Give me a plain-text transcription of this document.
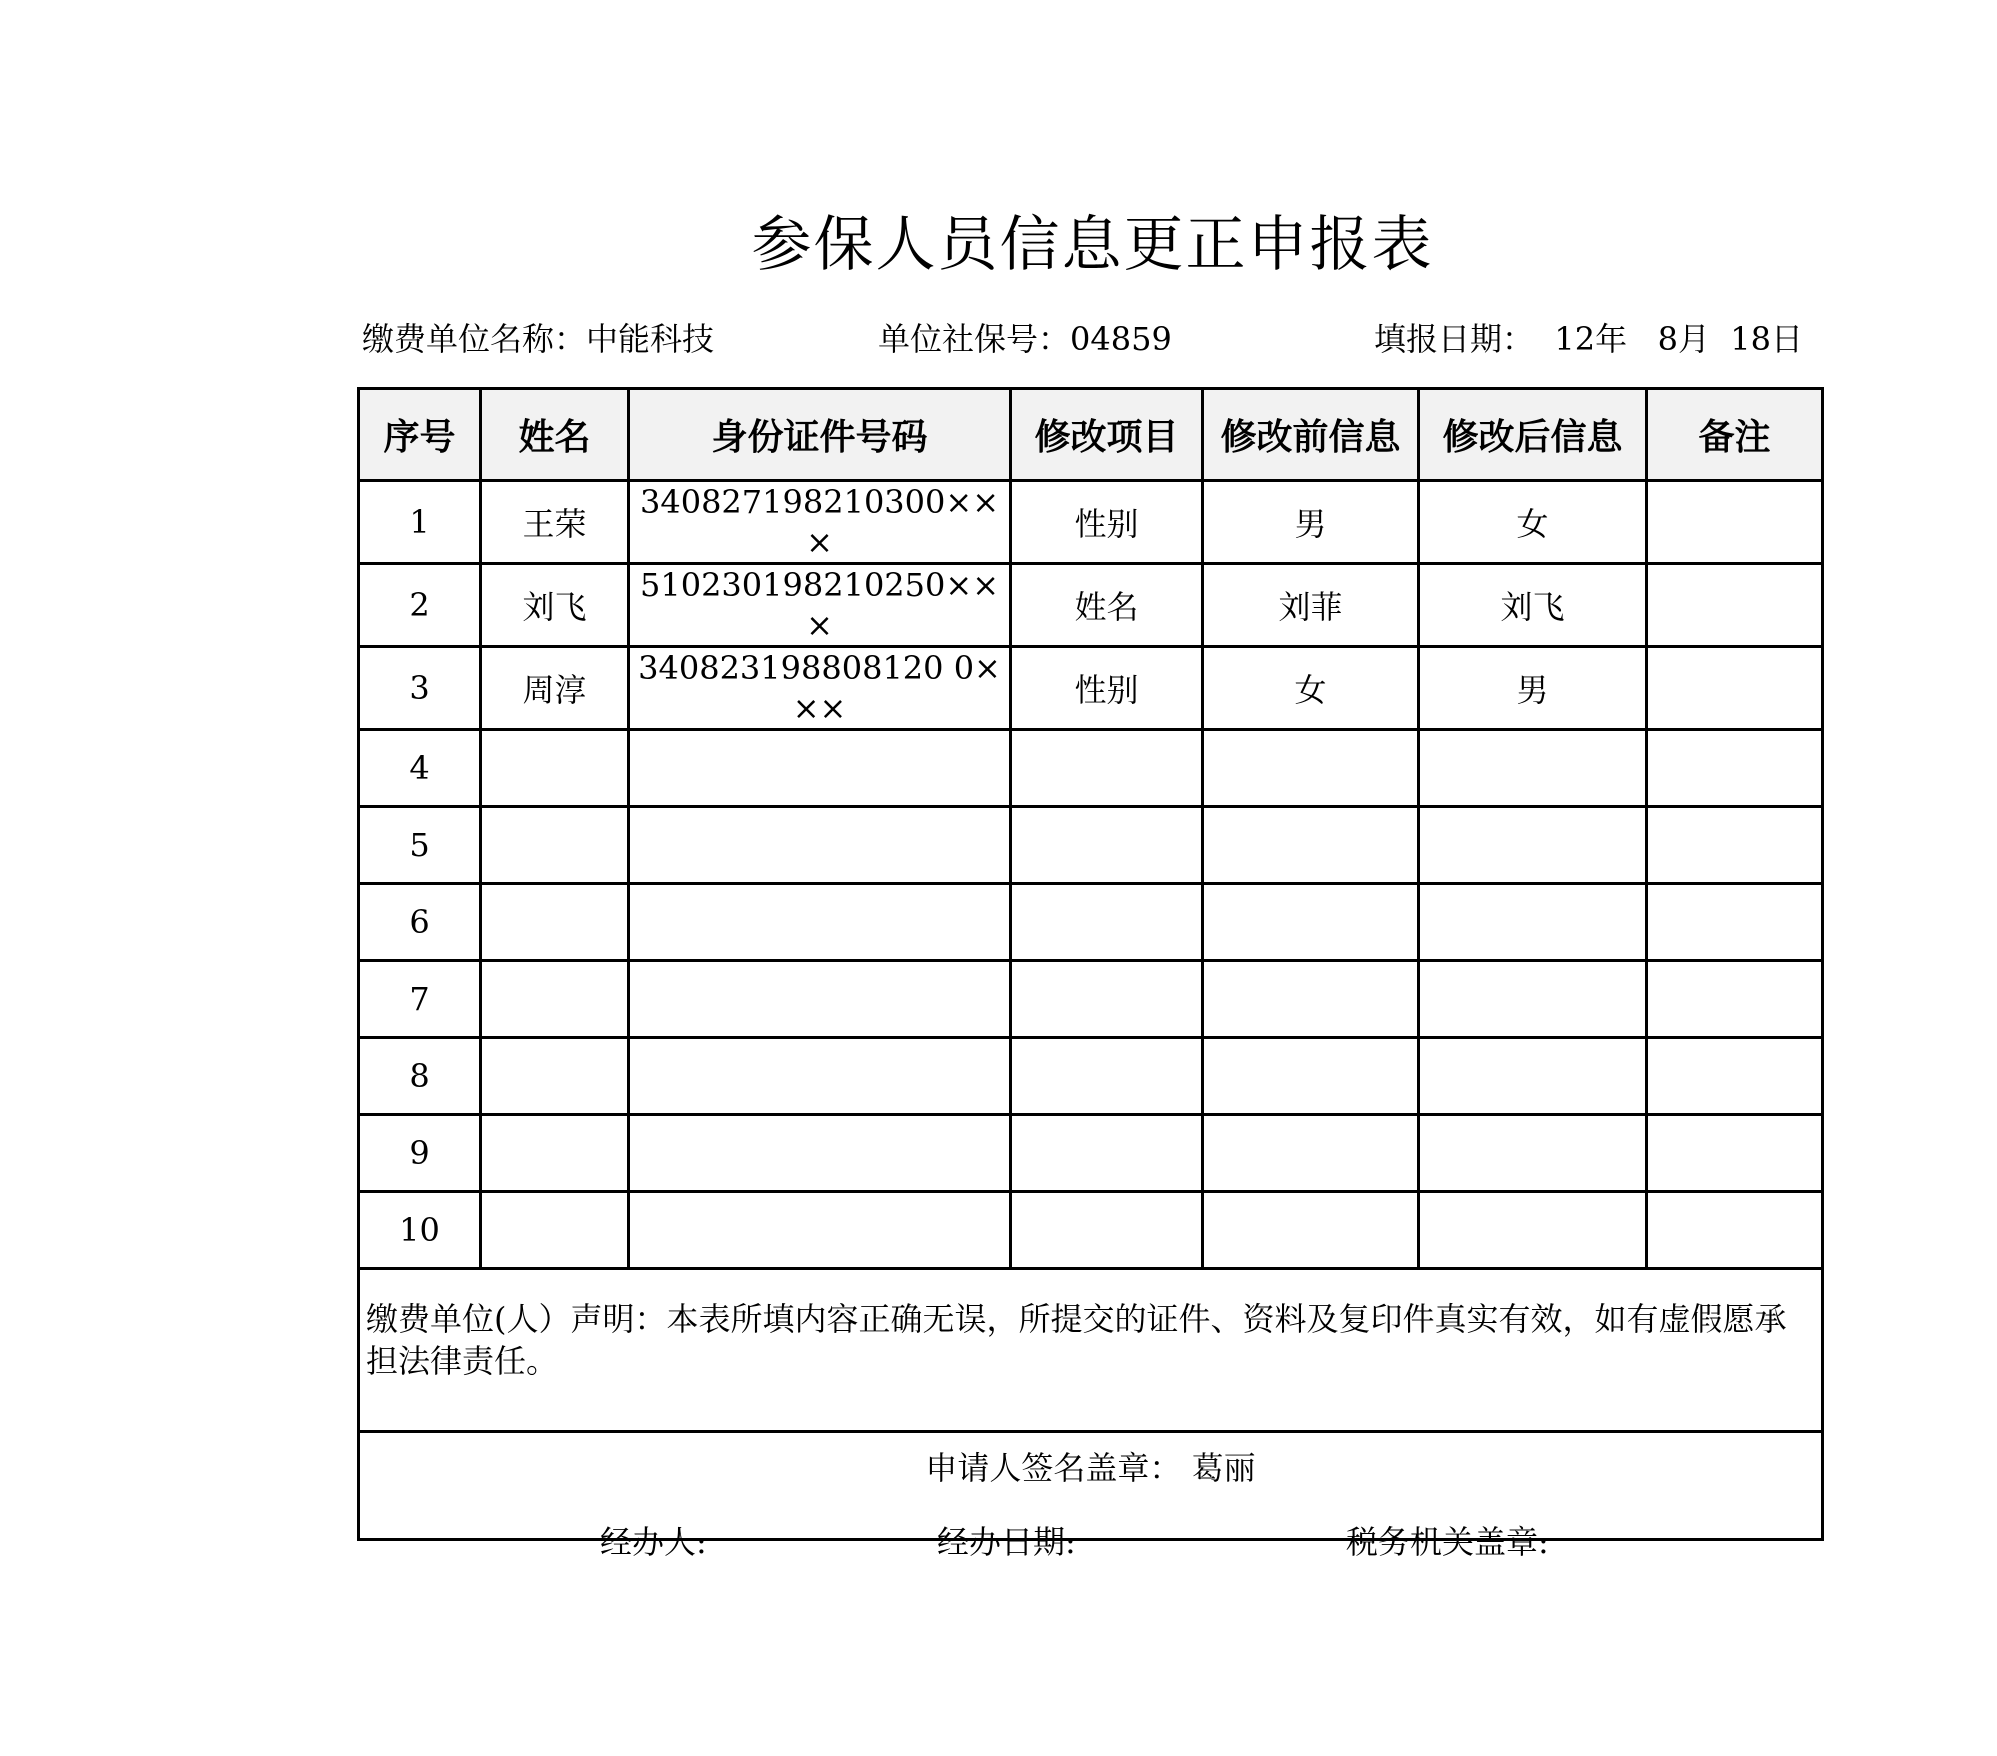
参保人员信息更正申报表
缴费单位名称：中能科技	单位社保号：04859	填报日期：  12年   8月  18日
序号	姓名	身份证件号码	修改项目	修改前信息	修改后信息	备注
1	王荣	340827198210300×××	性别	男	女	
2	刘飞	510230198210250×××	姓名	刘菲	刘飞	
3	周淳	340823198808120 0×××	性别	女	男	
4						
5						
6						
7						
8						
9						
10						
缴费单位(人）声明：本表所填内容正确无误，所提交的证件、资料及复印件真实有效，如有虚假愿承担法律责任。						
申请人签名盖章： 葛丽						
经办人:	经办日期:	税务机关盖章:
